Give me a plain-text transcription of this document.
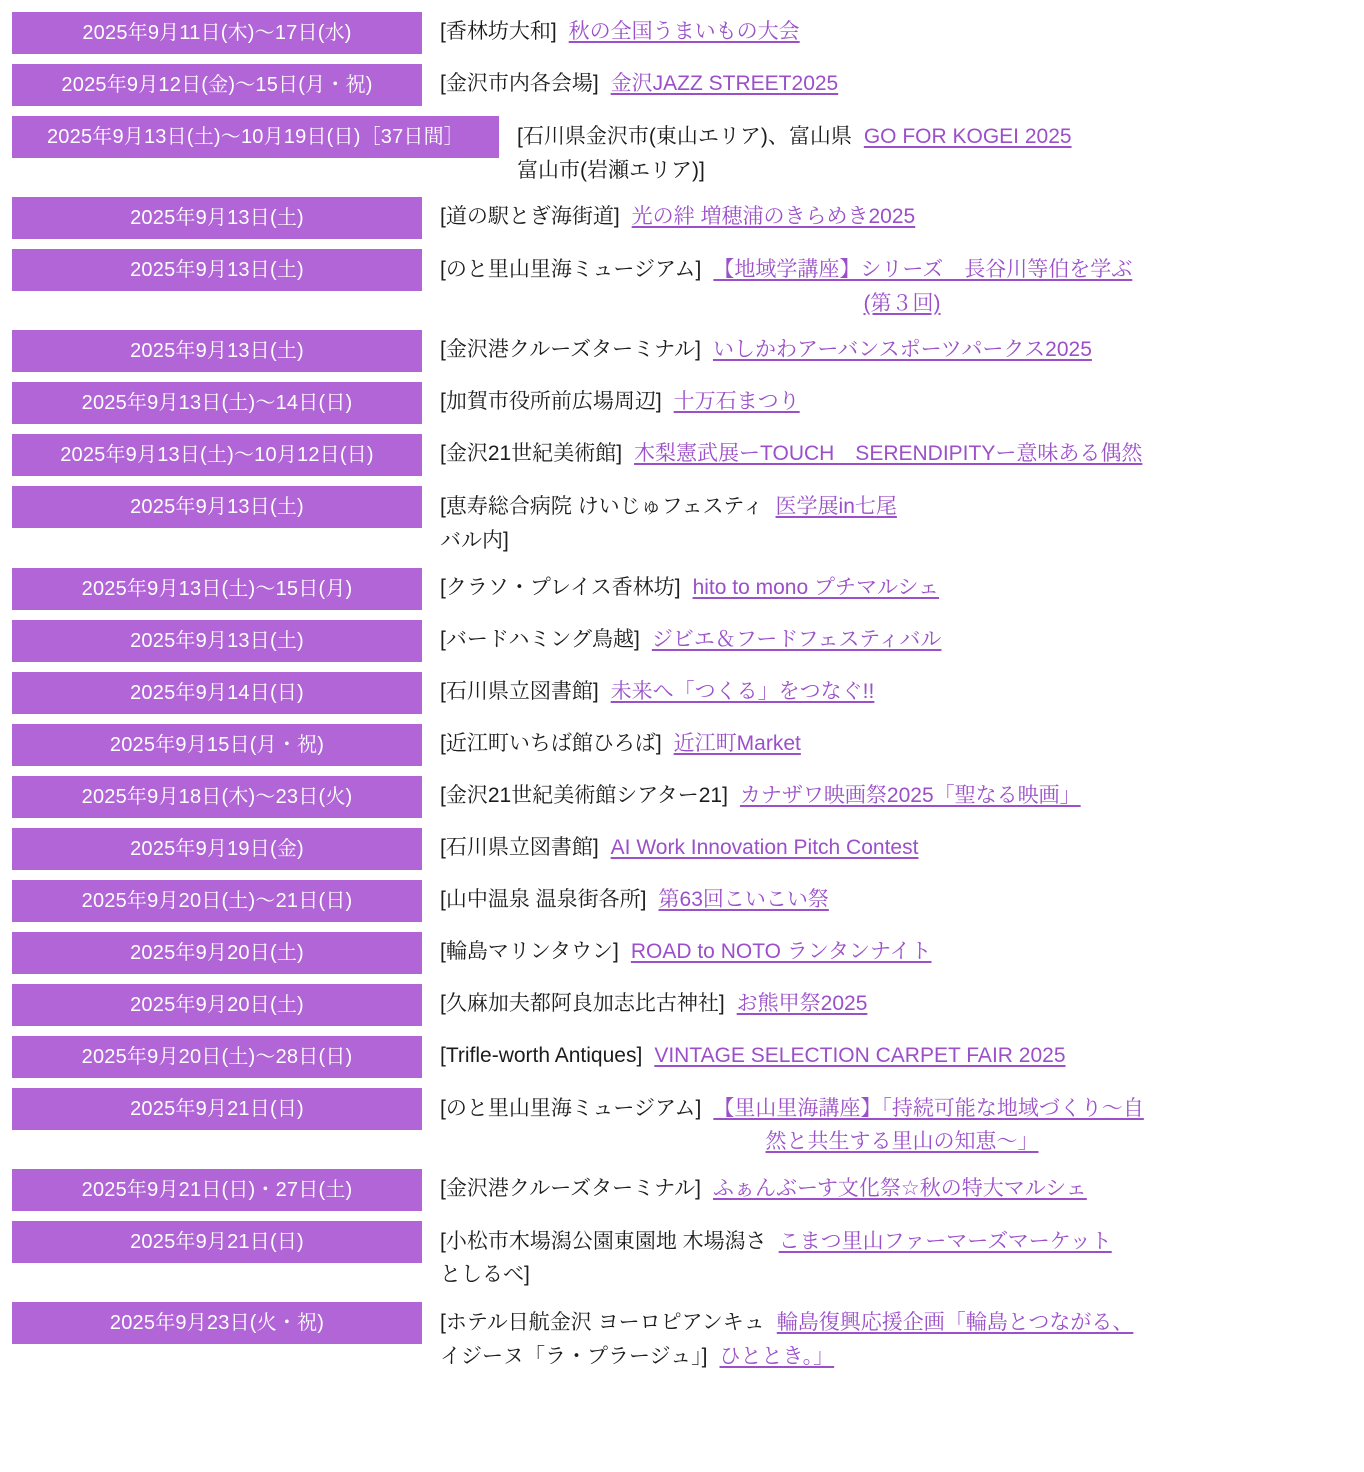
2025年9月11日(木)〜17日(水)	[香林坊大和] 秋の全国うまいもの大会
2025年9月12日(金)〜15日(月・祝)	[金沢市内各会場] 金沢JAZZ STREET2025
2025年9月13日(土)〜10月19日(日)［37日間］	[石川県金沢市(東山エリア)、富山県 GO FOR KOGEI 2025
富山市(岩瀬エリア)]
2025年9月13日(土)	[道の駅とぎ海街道] 光の絆 増穂浦のきらめき2025
2025年9月13日(土)	[のと里山里海ミュージアム] 【地域学講座】シリーズ　長谷川等伯を学ぶ
(第３回)
2025年9月13日(土)	[金沢港クルーズターミナル] いしかわアーバンスポーツパークス2025
2025年9月13日(土)〜14日(日)	[加賀市役所前広場周辺] 十万石まつり
2025年9月13日(土)〜10月12日(日)	[金沢21世紀美術館] 木梨憲武展ーTOUCH　SERENDIPITYー意味ある偶然
2025年9月13日(土)	[恵寿総合病院 けいじゅフェスティ 医学展in七尾
バル内]
2025年9月13日(土)〜15日(月)	[クラソ・プレイス香林坊] hito to mono プチマルシェ
2025年9月13日(土)	[バードハミング鳥越] ジビエ＆フードフェスティバル
2025年9月14日(日)	[石川県立図書館] 未来へ「つくる」をつなぐ!!
2025年9月15日(月・祝)	[近江町いちば館ひろば] 近江町Market
2025年9月18日(木)〜23日(火)	[金沢21世紀美術館シアター21] カナザワ映画祭2025「聖なる映画」
2025年9月19日(金)	[石川県立図書館] AI Work Innovation Pitch Contest
2025年9月20日(土)〜21日(日)	[山中温泉 温泉街各所] 第63回こいこい祭
2025年9月20日(土)	[輪島マリンタウン] ROAD to NOTO ランタンナイト
2025年9月20日(土)	[久麻加夫都阿良加志比古神社] お熊甲祭2025
2025年9月20日(土)〜28日(日)	[Trifle-worth Antiques] VINTAGE SELECTION CARPET FAIR 2025
2025年9月21日(日)	[のと里山里海ミュージアム] 【里山里海講座】「持続可能な地域づくり〜自
然と共生する里山の知恵〜」
2025年9月21日(日)・27日(土)	[金沢港クルーズターミナル] ふぁんぶーす文化祭☆秋の特大マルシェ
2025年9月21日(日)	[小松市木場潟公園東園地 木場潟さ こまつ里山ファーマーズマーケット
としるべ]
2025年9月23日(火・祝)	[ホテル日航金沢 ヨーロピアンキュ 輪島復興応援企画「輪島とつながる、
イジーヌ「ラ・プラージュ」] ひととき。」
